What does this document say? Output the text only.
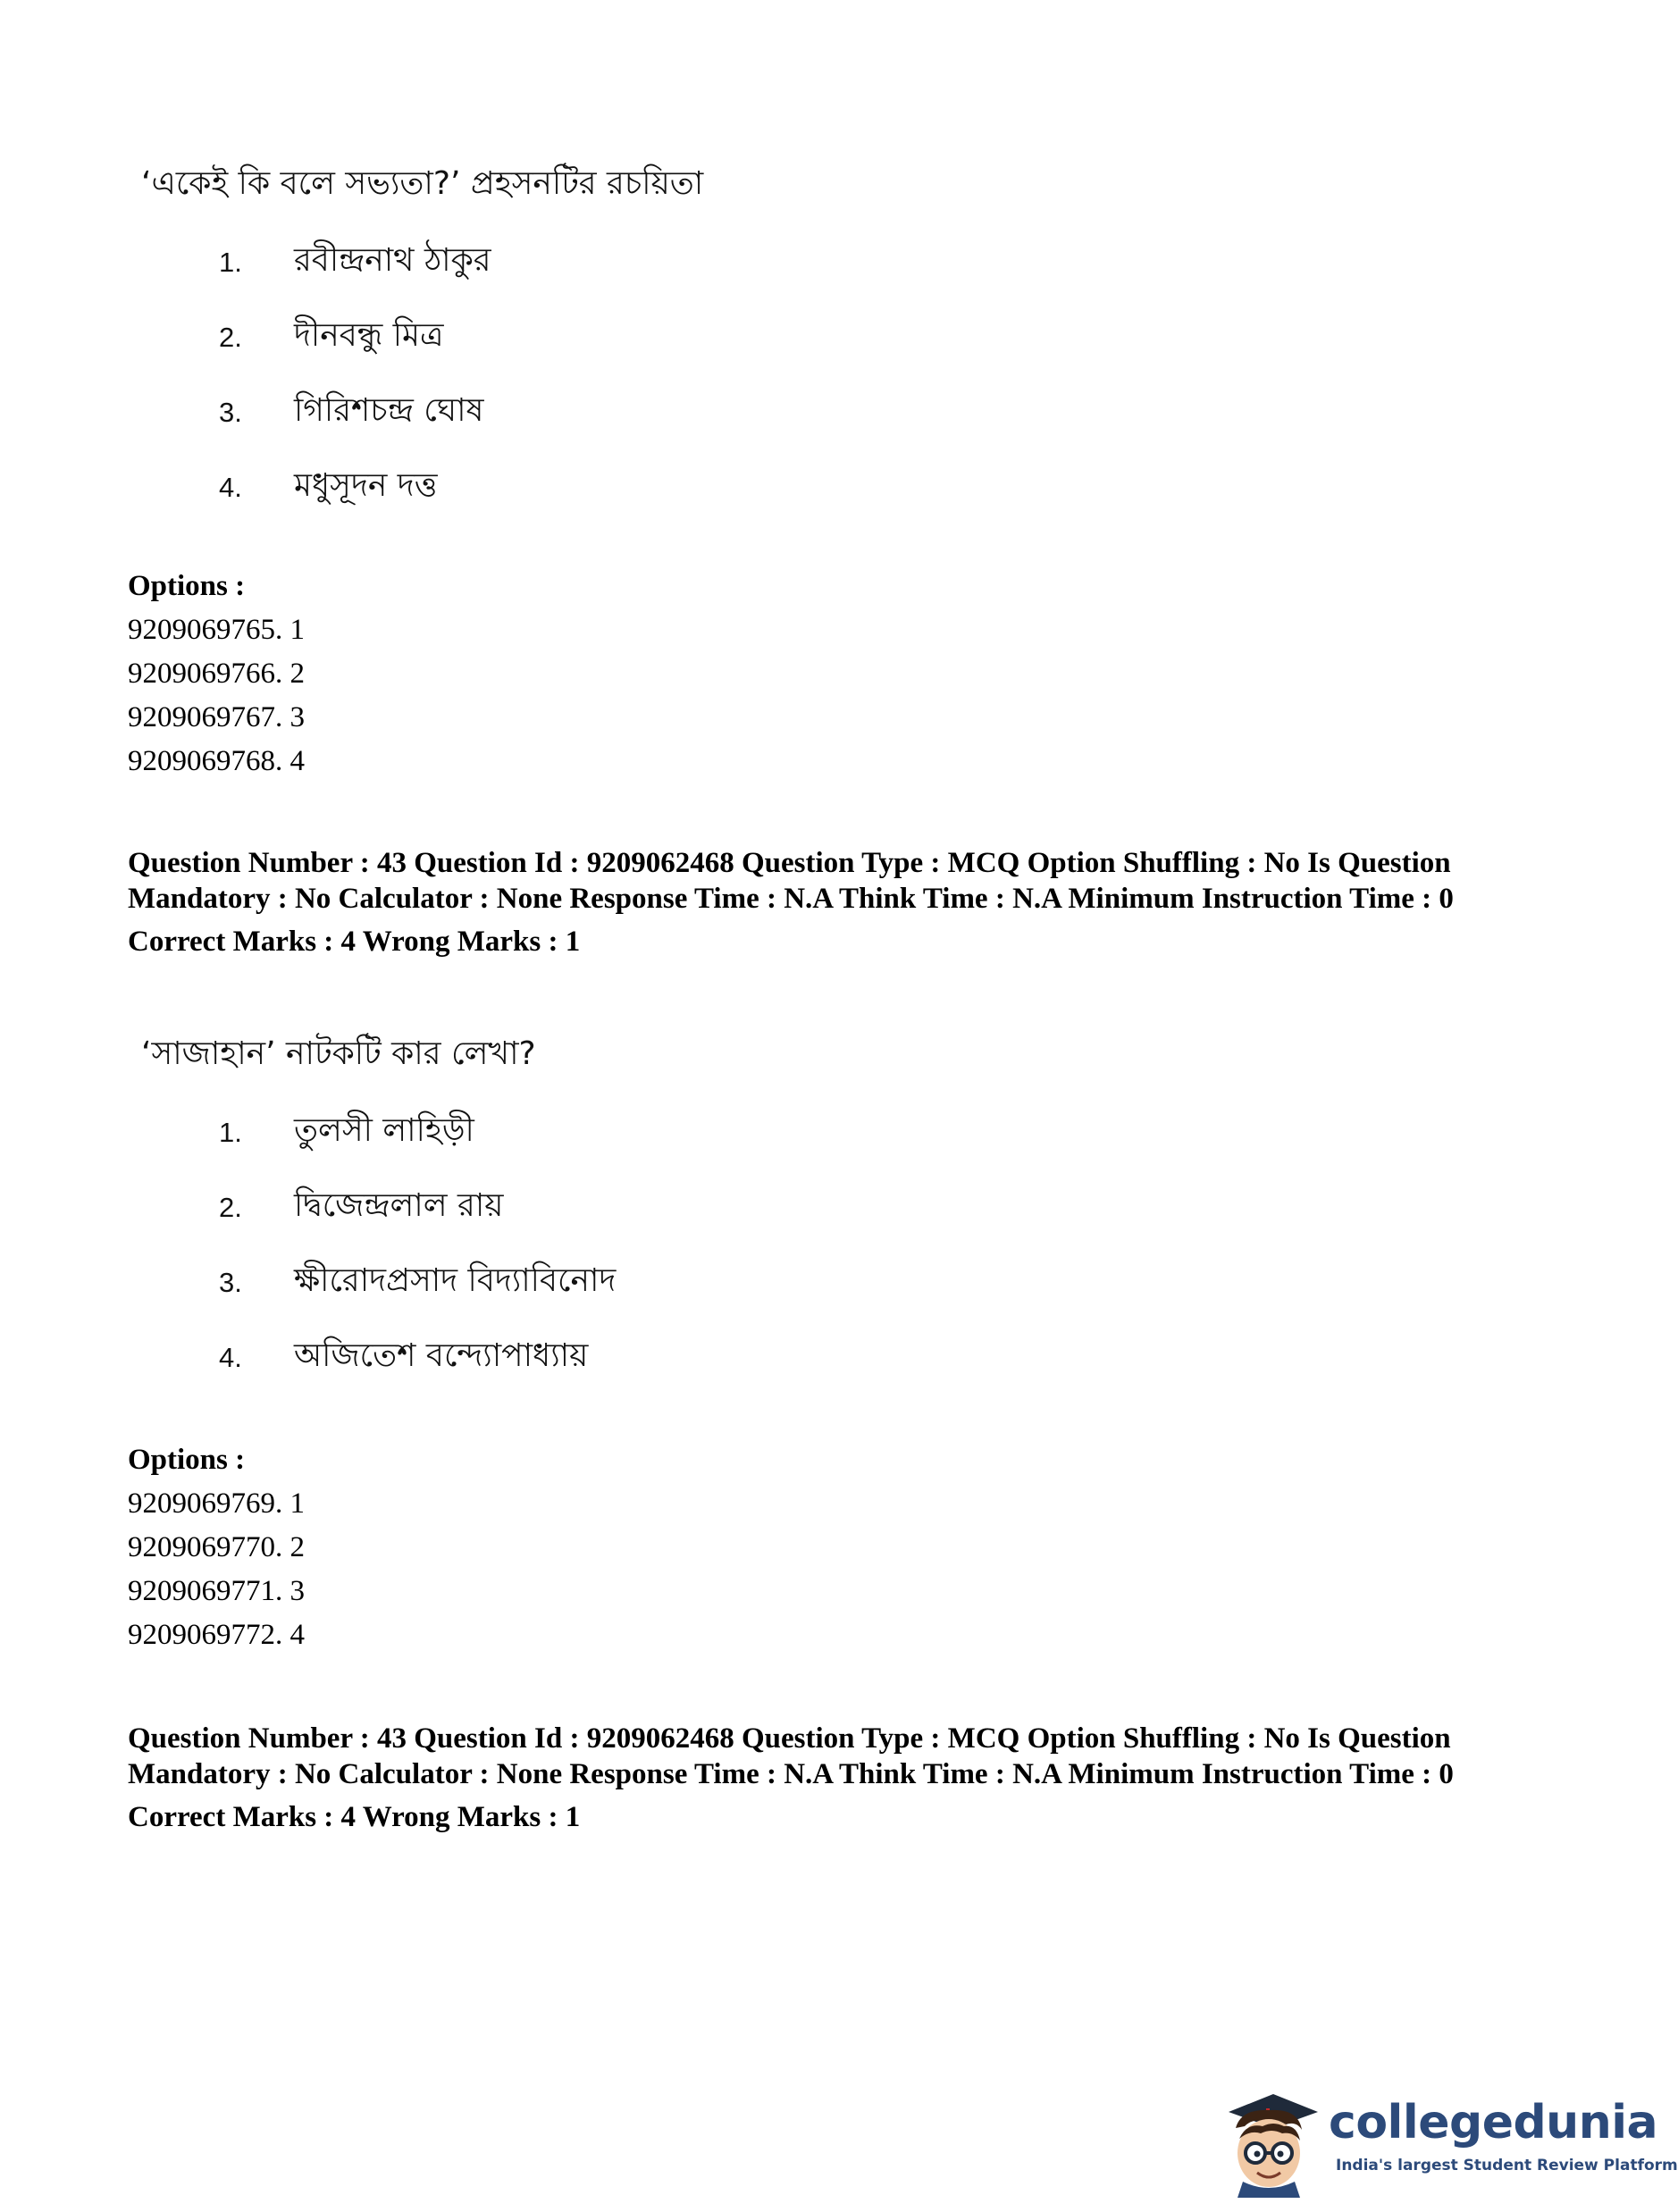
‘একেই কি বলে সভ্যতা?’ প্রহসনটির রচয়িতা
1.	রবীন্দ্রনাথ ঠাকুর
2.	দীনবন্ধু মিত্র
3.	গিরিশচন্দ্র ঘোষ
4.	মধুসূদন দত্ত
Options :
9209069765. 1
9209069766. 2
9209069767. 3
9209069768. 4
Question Number : 43 Question Id : 9209062468 Question Type : MCQ Option Shuffling : No Is Question Mandatory : No Calculator : None Response Time : N.A Think Time : N.A Minimum Instruction Time : 0
Correct Marks : 4 Wrong Marks : 1
‘সাজাহান’ নাটকটি কার লেখা?
1.	তুলসী লাহিড়ী
2.	দ্বিজেন্দ্রলাল রায়
3.	ক্ষীরোদপ্রসাদ বিদ্যাবিনোদ
4.	অজিতেশ বন্দ্যোপাধ্যায়
Options :
9209069769. 1
9209069770. 2
9209069771. 3
9209069772. 4
Question Number : 43 Question Id : 9209062468 Question Type : MCQ Option Shuffling : No Is Question Mandatory : No Calculator : None Response Time : N.A Think Time : N.A Minimum Instruction Time : 0
Correct Marks : 4 Wrong Marks : 1
collegedunia
India's largest Student Review Platform
